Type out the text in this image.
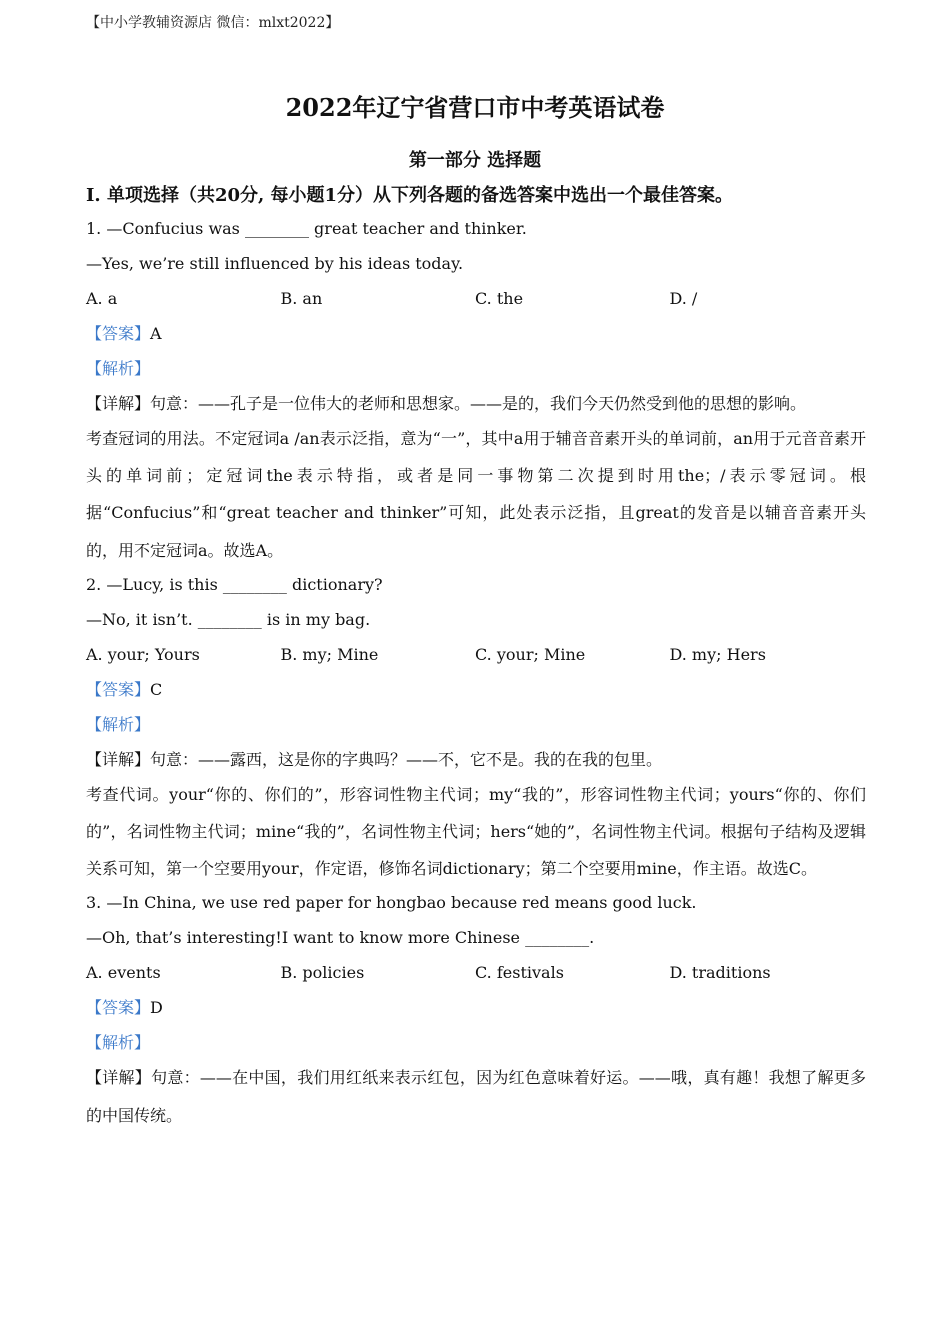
【中小学教辅资源店 微信：mlxt2022】
2022年辽宁省营口市中考英语试卷
第一部分 选择题
I. 单项选择（共20分, 每小题1分）从下列各题的备选答案中选出一个最佳答案。
1. —Confucius was ________ great teacher and thinker.
—Yes, we’re still influenced by his ideas today.
A. a	B. an	C. the	D. /
【答案】A
【解析】
【详解】句意：——孔子是一位伟大的老师和思想家。——是的，我们今天仍然受到他的思想的影响。
考查冠词的用法。不定冠词a /an表示泛指，意为“一”，其中a用于辅音音素开头的单词前，an用于元音音素开头的单词前；定冠词the表示特指，或者是同一事物第二次提到时用the；/表示零冠词。根据“Confucius”和“great teacher and thinker”可知，此处表示泛指，且great的发音是以辅音音素开头的，用不定冠词a。故选A。
2. —Lucy, is this ________ dictionary?
—No, it isn’t. ________ is in my bag.
A. your; Yours	B. my; Mine	C. your; Mine	D. my; Hers
【答案】C
【解析】
【详解】句意：——露西，这是你的字典吗？——不，它不是。我的在我的包里。
考查代词。your“你的、你们的”，形容词性物主代词；my“我的”，形容词性物主代词；yours“你的、你们的”，名词性物主代词；mine“我的”，名词性物主代词；hers“她的”，名词性物主代词。根据句子结构及逻辑关系可知，第一个空要用your，作定语，修饰名词dictionary；第二个空要用mine，作主语。故选C。
3. —In China, we use red paper for hongbao because red means good luck.
—Oh, that’s interesting!I want to know more Chinese ________.
A. events	B. policies	C. festivals	D. traditions
【答案】D
【解析】
【详解】句意：——在中国，我们用红纸来表示红包，因为红色意味着好运。——哦，真有趣！我想了解更多的中国传统。
